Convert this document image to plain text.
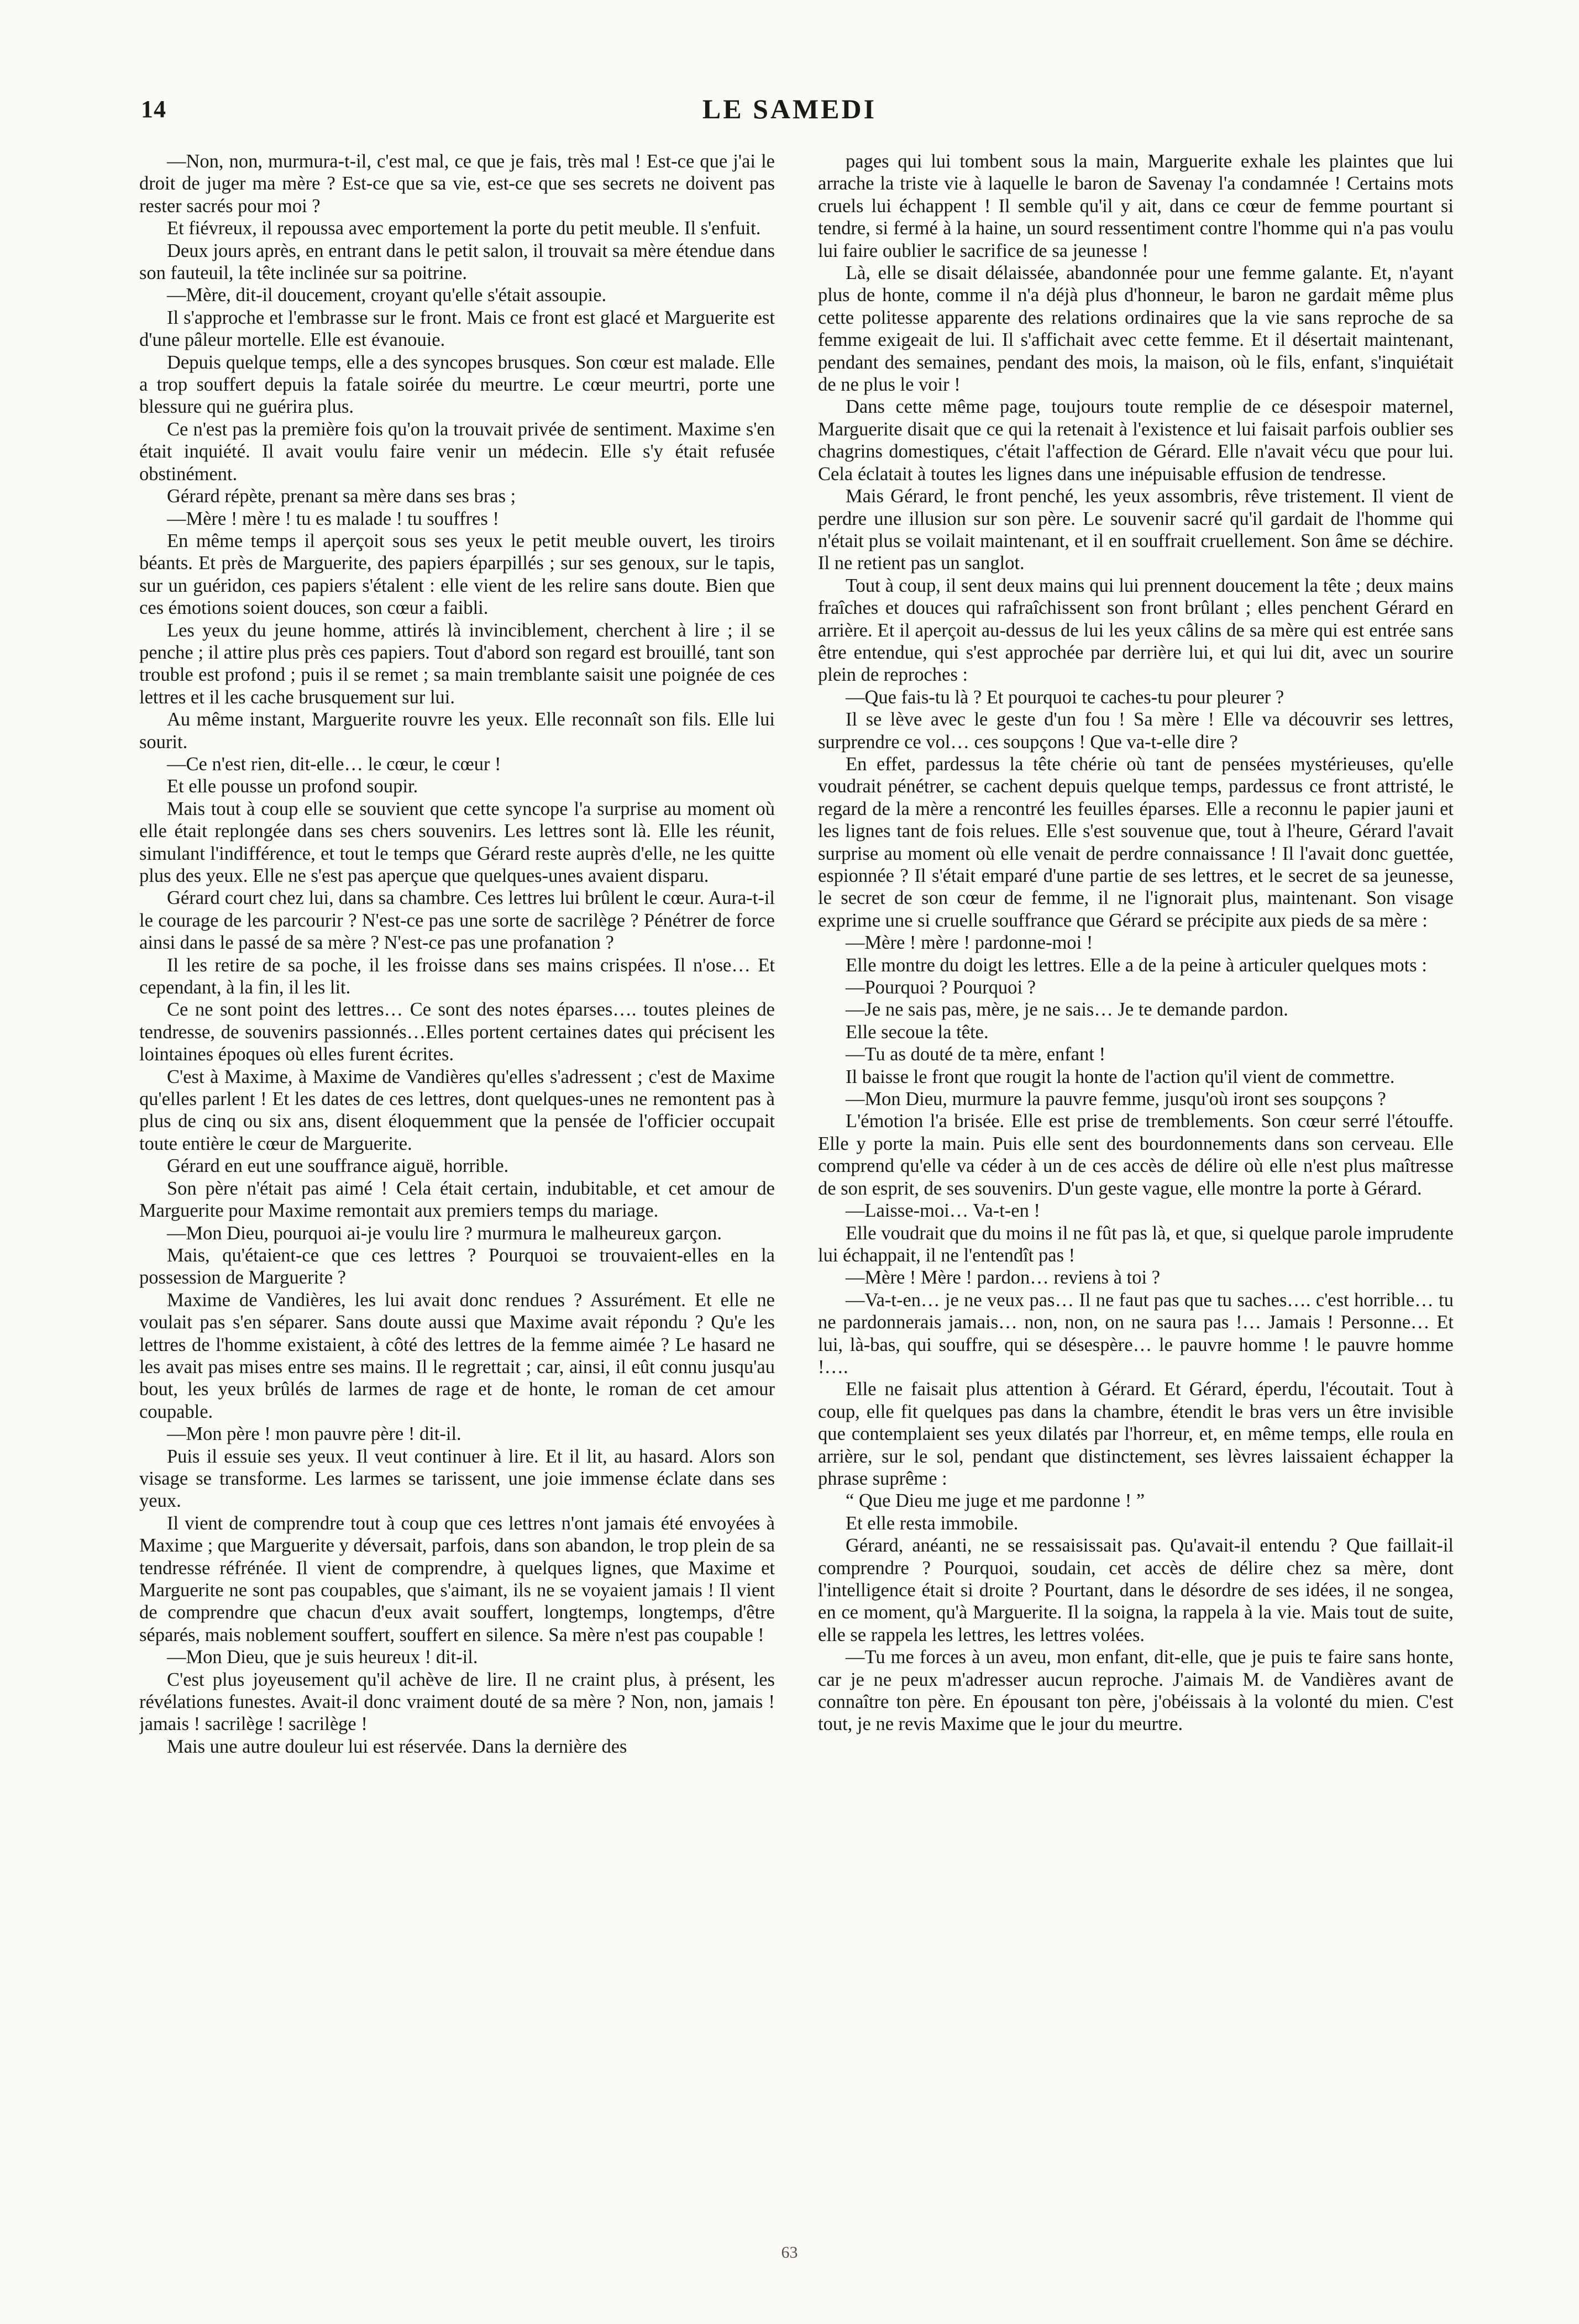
14	LE SAMEDI

—Non, non, murmura-t-il, c'est mal, ce que je fais, très mal ! Est-ce que j'ai le droit de juger ma mère ? Est-ce que sa vie, est-ce que ses secrets ne doivent pas rester sacrés pour moi ?

Et fiévreux, il repoussa avec emportement la porte du petit meuble. Il s'enfuit.

Deux jours après, en entrant dans le petit salon, il trouvait sa mère étendue dans son fauteuil, la tête inclinée sur sa poitrine.

—Mère, dit-il doucement, croyant qu'elle s'était assoupie.

Il s'approche et l'embrasse sur le front. Mais ce front est glacé et Marguerite est d'une pâleur mortelle. Elle est évanouie.

Depuis quelque temps, elle a des syncopes brusques. Son cœur est malade. Elle a trop souffert depuis la fatale soirée du meurtre. Le cœur meurtri, porte une blessure qui ne guérira plus.

Ce n'est pas la première fois qu'on la trouvait privée de sentiment. Maxime s'en était inquiété. Il avait voulu faire venir un médecin. Elle s'y était refusée obstinément.

Gérard répète, prenant sa mère dans ses bras ;

—Mère ! mère ! tu es malade ! tu souffres !

En même temps il aperçoit sous ses yeux le petit meuble ouvert, les tiroirs béants. Et près de Marguerite, des papiers éparpillés ; sur ses genoux, sur le tapis, sur un guéridon, ces papiers s'étalent : elle vient de les relire sans doute. Bien que ces émotions soient douces, son cœur a faibli.

Les yeux du jeune homme, attirés là invinciblement, cherchent à lire ; il se penche ; il attire plus près ces papiers. Tout d'abord son regard est brouillé, tant son trouble est profond ; puis il se remet ; sa main tremblante saisit une poignée de ces lettres et il les cache brusquement sur lui.

Au même instant, Marguerite rouvre les yeux. Elle reconnaît son fils. Elle lui sourit.

—Ce n'est rien, dit-elle… le cœur, le cœur !

Et elle pousse un profond soupir.

Mais tout à coup elle se souvient que cette syncope l'a surprise au moment où elle était replongée dans ses chers souvenirs. Les lettres sont là. Elle les réunit, simulant l'indifférence, et tout le temps que Gérard reste auprès d'elle, ne les quitte plus des yeux. Elle ne s'est pas aperçue que quelques-unes avaient disparu.

Gérard court chez lui, dans sa chambre. Ces lettres lui brûlent le cœur. Aura-t-il le courage de les parcourir ? N'est-ce pas une sorte de sacrilège ? Pénétrer de force ainsi dans le passé de sa mère ? N'est-ce pas une profanation ?

Il les retire de sa poche, il les froisse dans ses mains crispées. Il n'ose… Et cependant, à la fin, il les lit.

Ce ne sont point des lettres… Ce sont des notes éparses…. toutes pleines de tendresse, de souvenirs passionnés…Elles portent certaines dates qui précisent les lointaines époques où elles furent écrites.

C'est à Maxime, à Maxime de Vandières qu'elles s'adressent ; c'est de Maxime qu'elles parlent ! Et les dates de ces lettres, dont quelques-unes ne remontent pas à plus de cinq ou six ans, disent éloquemment que la pensée de l'officier occupait toute entière le cœur de Marguerite.

Gérard en eut une souffrance aiguë, horrible.

Son père n'était pas aimé ! Cela était certain, indubitable, et cet amour de Marguerite pour Maxime remontait aux premiers temps du mariage.

—Mon Dieu, pourquoi ai-je voulu lire ? murmura le malheureux garçon.

Mais, qu'étaient-ce que ces lettres ? Pourquoi se trouvaient-elles en la possession de Marguerite ?

Maxime de Vandières, les lui avait donc rendues ? Assurément. Et elle ne voulait pas s'en séparer. Sans doute aussi que Maxime avait répondu ? Qu'e les lettres de l'homme existaient, à côté des lettres de la femme aimée ? Le hasard ne les avait pas mises entre ses mains. Il le regrettait ; car, ainsi, il eût connu jusqu'au bout, les yeux brûlés de larmes de rage et de honte, le roman de cet amour coupable.

—Mon père ! mon pauvre père ! dit-il.

Puis il essuie ses yeux. Il veut continuer à lire. Et il lit, au hasard. Alors son visage se transforme. Les larmes se tarissent, une joie immense éclate dans ses yeux.

Il vient de comprendre tout à coup que ces lettres n'ont jamais été envoyées à Maxime ; que Marguerite y déversait, parfois, dans son abandon, le trop plein de sa tendresse réfrénée. Il vient de comprendre, à quelques lignes, que Maxime et Marguerite ne sont pas coupables, que s'aimant, ils ne se voyaient jamais ! Il vient de comprendre que chacun d'eux avait souffert, longtemps, longtemps, d'être séparés, mais noblement souffert, souffert en silence. Sa mère n'est pas coupable !

—Mon Dieu, que je suis heureux ! dit-il.

C'est plus joyeusement qu'il achève de lire. Il ne craint plus, à présent, les révélations funestes. Avait-il donc vraiment douté de sa mère ? Non, non, jamais ! jamais ! sacrilège ! sacrilège !

Mais une autre douleur lui est réservée. Dans la dernière des

pages qui lui tombent sous la main, Marguerite exhale les plaintes que lui arrache la triste vie à laquelle le baron de Savenay l'a condamnée ! Certains mots cruels lui échappent ! Il semble qu'il y ait, dans ce cœur de femme pourtant si tendre, si fermé à la haine, un sourd ressentiment contre l'homme qui n'a pas voulu lui faire oublier le sacrifice de sa jeunesse !

Là, elle se disait délaissée, abandonnée pour une femme galante. Et, n'ayant plus de honte, comme il n'a déjà plus d'honneur, le baron ne gardait même plus cette politesse apparente des relations ordinaires que la vie sans reproche de sa femme exigeait de lui. Il s'affichait avec cette femme. Et il désertait maintenant, pendant des semaines, pendant des mois, la maison, où le fils, enfant, s'inquiétait de ne plus le voir !

Dans cette même page, toujours toute remplie de ce désespoir maternel, Marguerite disait que ce qui la retenait à l'existence et lui faisait parfois oublier ses chagrins domestiques, c'était l'affection de Gérard. Elle n'avait vécu que pour lui. Cela éclatait à toutes les lignes dans une inépuisable effusion de tendresse.

Mais Gérard, le front penché, les yeux assombris, rêve tristement. Il vient de perdre une illusion sur son père. Le souvenir sacré qu'il gardait de l'homme qui n'était plus se voilait maintenant, et il en souffrait cruellement. Son âme se déchire. Il ne retient pas un sanglot.

Tout à coup, il sent deux mains qui lui prennent doucement la tête ; deux mains fraîches et douces qui rafraîchissent son front brûlant ; elles penchent Gérard en arrière. Et il aperçoit au-dessus de lui les yeux câlins de sa mère qui est entrée sans être entendue, qui s'est approchée par derrière lui, et qui lui dit, avec un sourire plein de reproches :

—Que fais-tu là ? Et pourquoi te caches-tu pour pleurer ?

Il se lève avec le geste d'un fou ! Sa mère ! Elle va découvrir ses lettres, surprendre ce vol… ces soupçons ! Que va-t-elle dire ?

En effet, pardessus la tête chérie où tant de pensées mystérieuses, qu'elle voudrait pénétrer, se cachent depuis quelque temps, pardessus ce front attristé, le regard de la mère a rencontré les feuilles éparses. Elle a reconnu le papier jauni et les lignes tant de fois relues. Elle s'est souvenue que, tout à l'heure, Gérard l'avait surprise au moment où elle venait de perdre connaissance ! Il l'avait donc guettée, espionnée ? Il s'était emparé d'une partie de ses lettres, et le secret de sa jeunesse, le secret de son cœur de femme, il ne l'ignorait plus, maintenant. Son visage exprime une si cruelle souffrance que Gérard se précipite aux pieds de sa mère :

—Mère ! mère ! pardonne-moi !

Elle montre du doigt les lettres. Elle a de la peine à articuler quelques mots :

—Pourquoi ? Pourquoi ?

—Je ne sais pas, mère, je ne sais… Je te demande pardon.

Elle secoue la tête.

—Tu as douté de ta mère, enfant !

Il baisse le front que rougit la honte de l'action qu'il vient de commettre.

—Mon Dieu, murmure la pauvre femme, jusqu'où iront ses soupçons ?

L'émotion l'a brisée. Elle est prise de tremblements. Son cœur serré l'étouffe. Elle y porte la main. Puis elle sent des bourdonnements dans son cerveau. Elle comprend qu'elle va céder à un de ces accès de délire où elle n'est plus maîtresse de son esprit, de ses souvenirs. D'un geste vague, elle montre la porte à Gérard.

—Laisse-moi… Va-t-en !

Elle voudrait que du moins il ne fût pas là, et que, si quelque parole imprudente lui échappait, il ne l'entendît pas !

—Mère ! Mère ! pardon… reviens à toi ?

—Va-t-en… je ne veux pas… Il ne faut pas que tu saches…. c'est horrible… tu ne pardonnerais jamais… non, non, on ne saura pas !… Jamais ! Personne… Et lui, là-bas, qui souffre, qui se désespère… le pauvre homme ! le pauvre homme !….

Elle ne faisait plus attention à Gérard. Et Gérard, éperdu, l'écoutait. Tout à coup, elle fit quelques pas dans la chambre, étendit le bras vers un être invisible que contemplaient ses yeux dilatés par l'horreur, et, en même temps, elle roula en arrière, sur le sol, pendant que distinctement, ses lèvres laissaient échapper la phrase suprême :

“ Que Dieu me juge et me pardonne ! ”

Et elle resta immobile.

Gérard, anéanti, ne se ressaisissait pas. Qu'avait-il entendu ? Que faillait-il comprendre ? Pourquoi, soudain, cet accès de délire chez sa mère, dont l'intelligence était si droite ? Pourtant, dans le désordre de ses idées, il ne songea, en ce moment, qu'à Marguerite. Il la soigna, la rappela à la vie. Mais tout de suite, elle se rappela les lettres, les lettres volées.

—Tu me forces à un aveu, mon enfant, dit-elle, que je puis te faire sans honte, car je ne peux m'adresser aucun reproche. J'aimais M. de Vandières avant de connaître ton père. En épousant ton père, j'obéissais à la volonté du mien. C'est tout, je ne revis Maxime que le jour du meurtre.

63
